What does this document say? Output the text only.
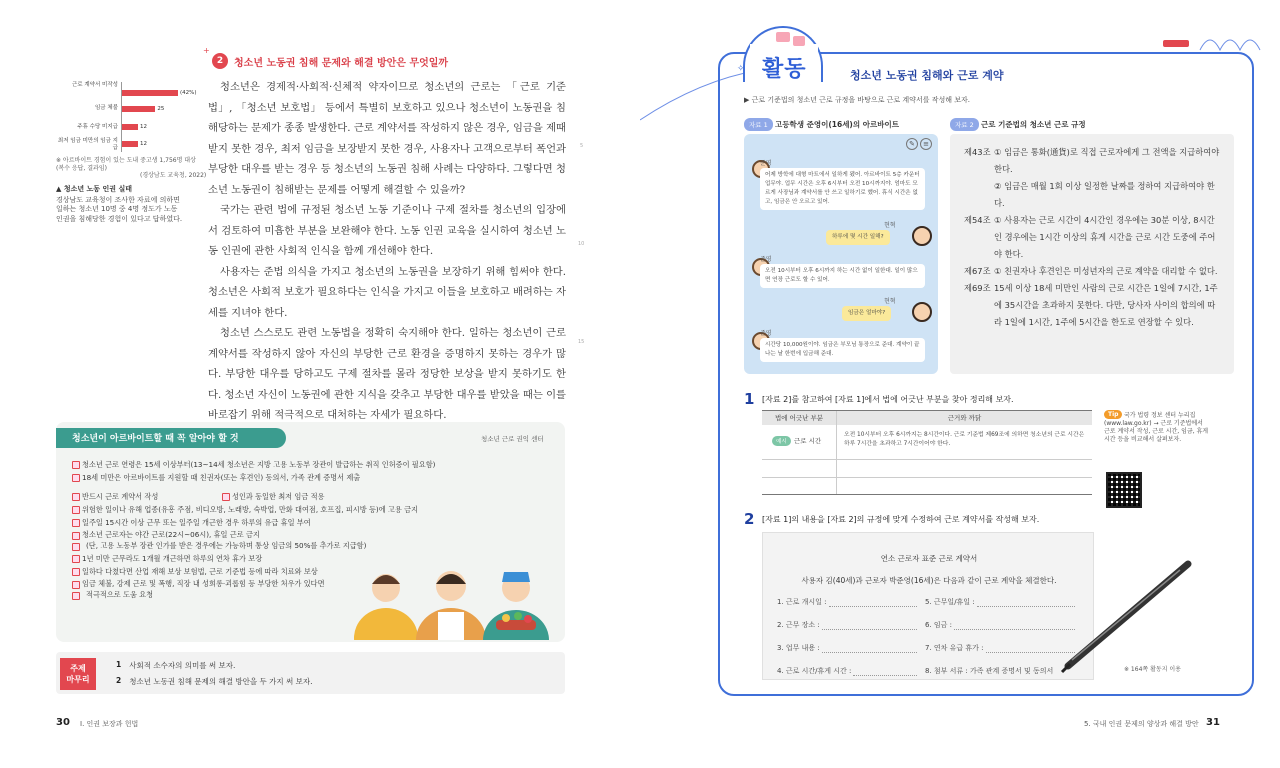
+
2	청소년 노동권 침해 문제와 해결 방안은 무엇일까
근로 계약서 미작성
임금 체불
주휴 수당 미지급
최저 임금 미만의 임금 지급
(42%)
25
12
12
※ 아르바이트 경험이 있는 도내 중고생 1,756명 대상(복수 응답, 결과임)
(경상남도 교육청, 2022)
▲ 청소년 노동 인권 실태
경상남도 교육청이 조사한 자료에 의하면 일하는 청소년 10명 중 4명 정도가 노동 인권을 침해당한 경험이 있다고 답하였다.

청소년은 경제적·사회적·신체적 약자이므로 청소년의 근로는 「근로 기준법」, 「청소년 보호법」 등에서 특별히 보호하고 있으나 청소년이 노동권을 침해당하는 문제가 종종 발생한다. 근로 계약서를 작성하지 않은 경우, 임금을 제때 받지 못한 경우, 최저 임금을 보장받지 못한 경우, 사용자나 고객으로부터 폭언과 부당한 대우를 받는 경우 등 청소년의 노동권 침해 사례는 다양하다. 그렇다면 청소년 노동권이 침해받는 문제를 어떻게 해결할 수 있을까?

국가는 관련 법에 규정된 청소년 노동 기준이나 구제 절차를 청소년의 입장에서 검토하여 미흡한 부분을 보완해야 한다. 노동 인권 교육을 실시하여 청소년 노동 인권에 관한 사회적 인식을 함께 개선해야 한다.

사용자는 준법 의식을 가지고 청소년의 노동권을 보장하기 위해 힘써야 한다. 청소년은 사회적 보호가 필요하다는 인식을 가지고 이들을 보호하고 배려하는 자세를 지녀야 한다.

청소년 스스로도 관련 노동법을 정확히 숙지해야 한다. 일하는 청소년이 근로 계약서를 작성하지 않아 자신의 부당한 근로 환경을 증명하지 못하는 경우가 많다. 부당한 대우를 당하고도 구제 절차를 몰라 정당한 보상을 받지 못하기도 한다. 청소년 자신이 노동권에 관한 지식을 갖추고 부당한 대우를 받았을 때는 이를 바로잡기 위해 적극적으로 대처하는 자세가 필요하다.

5
10
15
청소년이 아르바이트할 때 꼭 알아야 할 것	청소년 근로 권익 센터
청소년 근로 연령은 15세 이상부터(13~14세 청소년은 지방 고용 노동부 장관이 발급하는 취직 인허증이 필요함)
18세 미만은 아르바이트를 지원할 때 친권자(또는 후견인) 동의서, 가족 관계 증명서 제출
반드시 근로 계약서 작성	성인과 동일한 최저 임금 적용
위험한 일이나 유해 업종(유흥 주점, 비디오방, 노래방, 숙박업, 만화 대여점, 호프집, 피시방 등)에 고용 금지
일주일 15시간 이상 근무 또는 일주일 개근한 경우 하루의 유급 휴일 부여
청소년 근로자는 야간 근로(22시~06시), 휴일 근로 금지
(단, 고용 노동부 장관 인가를 받은 경우에는 가능하며 통상 임금의 50%를 추가로 지급함)
1년 미만 근무라도 1개월 개근하면 하루의 연차 휴가 보장
일하다 다쳤다면 산업 재해 보상 보험법, 근로 기준법 등에 따라 치료와 보상
임금 체불, 강제 근로 및 폭행, 직장 내 성희롱·괴롭힘 등 부당한 처우가 있다면
적극적으로 도움 요청
주제 마무리
1 사회적 소수자의 의미를 써 보자.
2 청소년 노동권 침해 문제의 해결 방안을 두 가지 써 보자.
30 I. 인권 보장과 헌법
활동
✧	청소년 노동권 침해와 근로 계약
▶ 근로 기준법의 청소년 근로 규정을 바탕으로 근로 계약서를 작성해 보자.
자료 1 고등학생 준영이(16세)의 아르바이트
✎	≡
준영
어제 방학에 대형 마트에서 일하게 됐어. 아르바이트 5층 카운터 업무야. 업무 시간은 오후 6시부터 오전 10시까지야. 엄마도 모르게 사장님과 계약서를 안 쓰고 일하기로 했어. 휴식 시간은 없고, 임금은 안 오르고 있어.
현혁
하루에 몇 시간 일해?
준영
오전 10시부터 오후 6시까지 하는 시간 없이 일한대. 일이 많으면 연장 근로도 할 수 있어.
현혁
임금은 얼마야?
준영
시간당 10,000원이야. 임금은 부모님 통장으로 준대. 계약이 끝나는 날 한번에 입금해 준대.
자료 2 근로 기준법의 청소년 근로 규정
제43조 ① 임금은 통화(通貨)로 직접 근로자에게 그 전액을 지급하여야 한다.
② 임금은 매월 1회 이상 일정한 날짜를 정하여 지급하여야 한다.
제54조 ① 사용자는 근로 시간이 4시간인 경우에는 30분 이상, 8시간인 경우에는 1시간 이상의 휴게 시간을 근로 시간 도중에 주어야 한다.
제67조 ① 친권자나 후견인은 미성년자의 근로 계약을 대리할 수 없다.
제69조 15세 이상 18세 미만인 사람의 근로 시간은 1일에 7시간, 1주에 35시간을 초과하지 못한다. 다만, 당사자 사이의 합의에 따라 1일에 1시간, 1주에 5시간을 한도로 연장할 수 있다.
1 [자료 2]를 참고하여 [자료 1]에서 법에 어긋난 부분을 찾아 정리해 보자.
법에 어긋난 부분	근거와 까닭
예시	근로 시간
오전 10시부터 오후 6시까지는 8시간이다. 근로 기준법 제69조에 의하면 청소년의 근로 시간은 하루 7시간을 초과하고 7시간이어야 한다.
Tip 국가 법령 정보 센터 누리집(www.law.go.kr) → 근로 기준법에서 근로 계약서 작성, 근로 시간, 임금, 휴게 시간 등을 비교해서 살펴보자.
2 [자료 1]의 내용을 [자료 2]의 규정에 맞게 수정하여 근로 계약서를 작성해 보자.
연소 근로자 표준 근로 계약서
사용자 김(40세)과 근로자 박준영(16세)은 다음과 같이 근로 계약을 체결한다.
1. 근로 개시일 :
2. 근무 장소 :
3. 업무 내용 :
4. 근로 시간/휴게 시간 :
5. 근무일/휴일 :
6. 임금 :
7. 연차 유급 휴가 :
8. 첨부 서류 : 가족 관계 증명서 및 동의서	※ 164쪽 활동지 이용
5. 국내 인권 문제의 양상과 해결 방안 31
